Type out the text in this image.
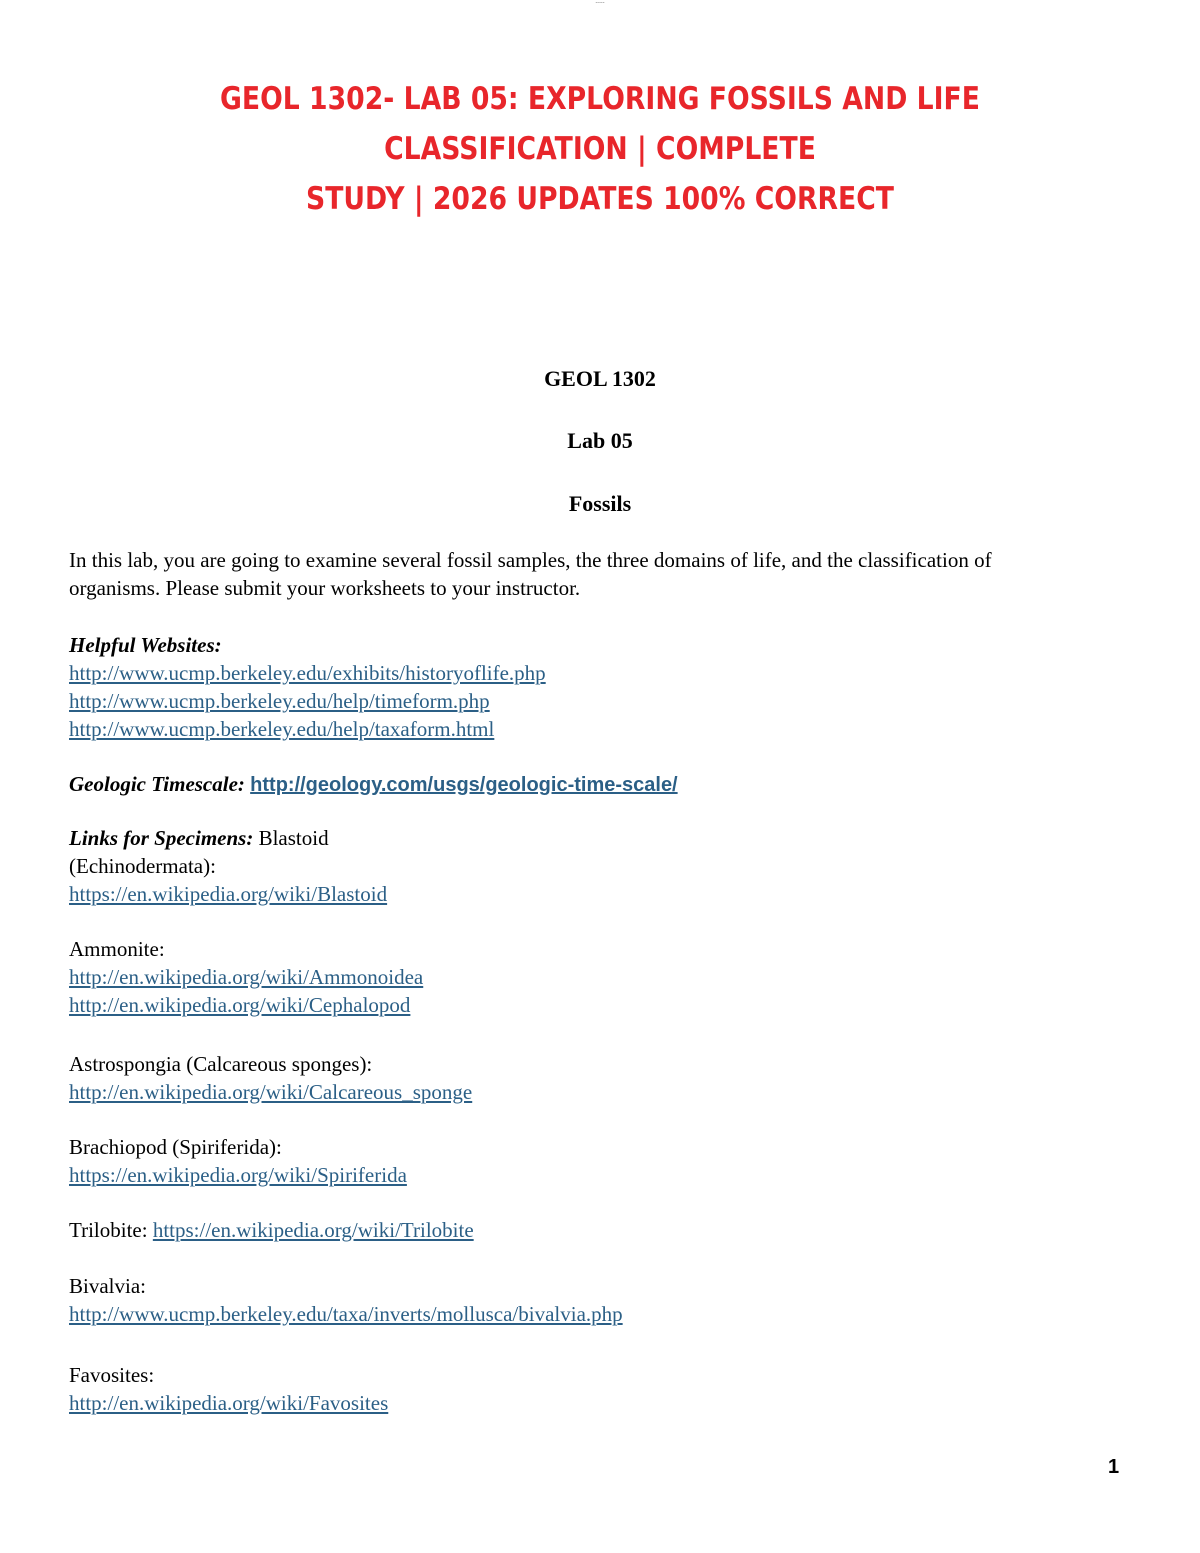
-----
GEOL 1302- LAB 05: EXPLORING FOSSILS AND LIFE CLASSIFICATION | COMPLETE
STUDY | 2026 UPDATES 100% CORRECT
GEOL 1302
Lab 05
Fossils

In this lab, you are going to examine several fossil samples, the three domains of life, and the classification of

organisms. Please submit your worksheets to your instructor.

Helpful Websites:

http://www.ucmp.berkeley.edu/exhibits/historyoflife.php

http://www.ucmp.berkeley.edu/help/timeform.php

http://www.ucmp.berkeley.edu/help/taxaform.html

Geologic Timescale: http://geology.com/usgs/geologic-time-scale/

Links for Specimens: Blastoid

(Echinodermata):

https://en.wikipedia.org/wiki/Blastoid

Ammonite:

http://en.wikipedia.org/wiki/Ammonoidea

http://en.wikipedia.org/wiki/Cephalopod

Astrospongia (Calcareous sponges):

http://en.wikipedia.org/wiki/Calcareous_sponge

Brachiopod (Spiriferida):

https://en.wikipedia.org/wiki/Spiriferida

Trilobite: https://en.wikipedia.org/wiki/Trilobite

Bivalvia:

http://www.ucmp.berkeley.edu/taxa/inverts/mollusca/bivalvia.php

Favosites:

http://en.wikipedia.org/wiki/Favosites

1
